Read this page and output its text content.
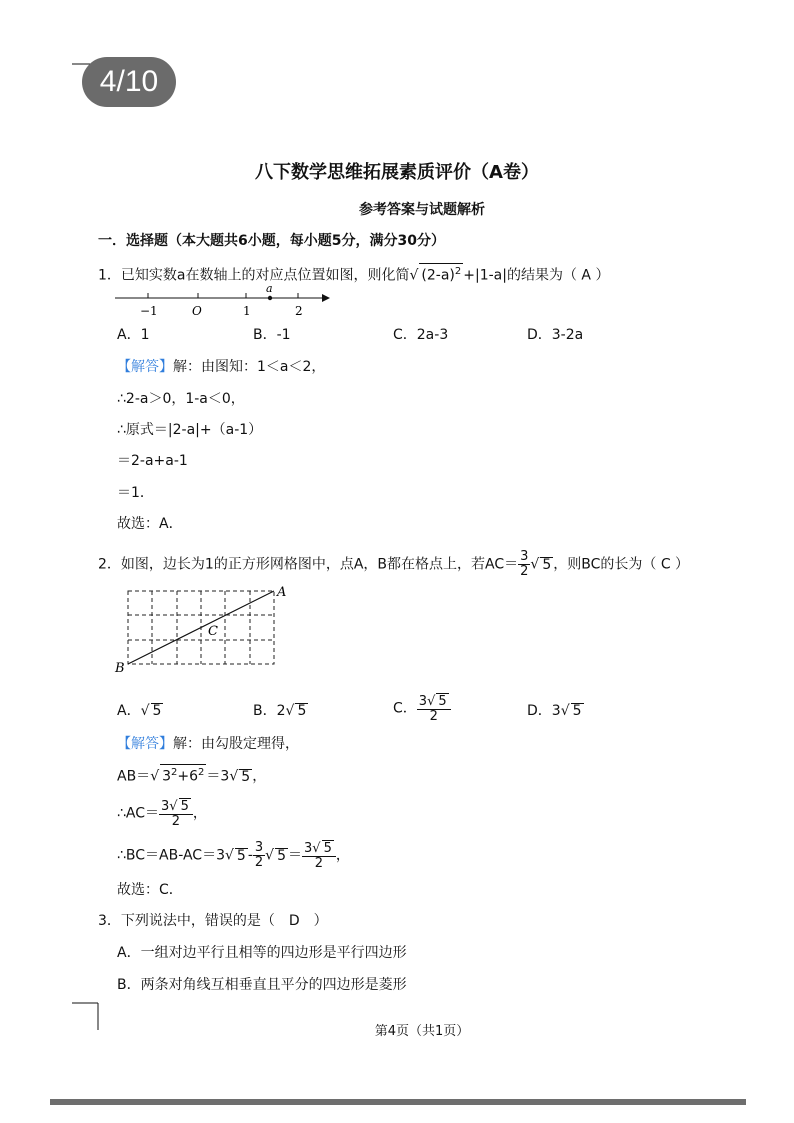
4/10
八下数学思维拓展素质评价（A卷）
参考答案与试题解析
一．选择题（本大题共6小题，每小题5分，满分30分）
1．已知实数a在数轴上的对应点位置如图，则化简√ $(2-a)^2 +|1-a|$的结果为（ A ）
−1	O	1	2
a
A．1	B．-1	C．2a-3	D．3-2a
【解答】解：由图知：1＜a＜2，
∴2-a＞0，1-a＜0，
∴原式＝|2-a|+（a-1）
＝2-a+a-1
＝1．
故选：A．
2．如图，边长为1的正方形网格图中，点A，B都在格点上，若$AC= \frac{3}{2}$ √ 5 ，则BC的长为（ C ）
A
B
C
A．√ 5	B．2√ 5	C． $\frac{3√ 5}{2}$	D．3√ 5
【解答】解：由勾股定理得，
AB＝√ $3^2+6^2 =3√$ 5 ，
∴AC＝ $\frac{3√ 5}{2}$ ，
∴BC＝AB-AC＝3√ $5 - \frac{3}{2}$ √ $5 = \frac{3√ 5}{2}$ ，
故选：C．
3．下列说法中，错误的是（　D　）
A．一组对边平行且相等的四边形是平行四边形
B．两条对角线互相垂直且平分的四边形是菱形
第4页（共1页）
